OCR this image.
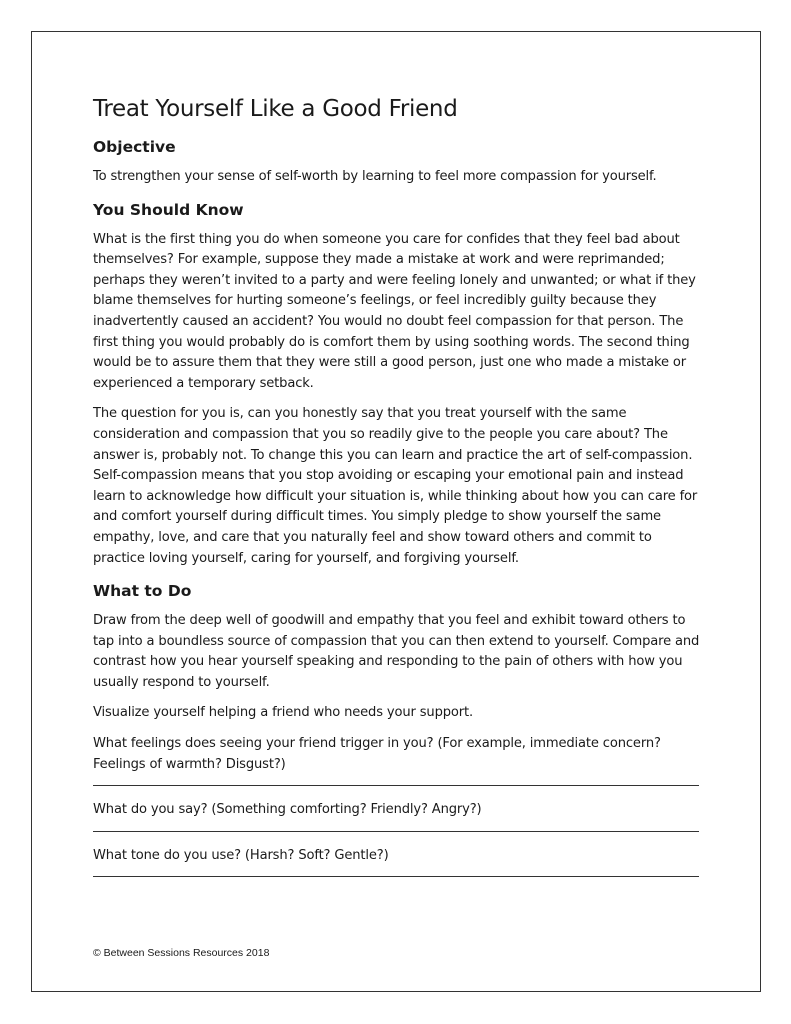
Treat Yourself Like a Good Friend
Objective

To strengthen your sense of self-worth by learning to feel more compassion for yourself.

You Should Know

What is the first thing you do when someone you care for confides that they feel bad about themselves? For example, suppose they made a mistake at work and were reprimanded; perhaps they weren’t invited to a party and were feeling lonely and unwanted; or what if they blame themselves for hurting someone’s feelings, or feel incredibly guilty because they inadvertently caused an accident? You would no doubt feel compassion for that person. The first thing you would probably do is comfort them by using soothing words. The second thing would be to assure them that they were still a good person, just one who made a mistake or experienced a temporary setback.

The question for you is, can you honestly say that you treat yourself with the same consideration and compassion that you so readily give to the people you care about? The answer is, probably not. To change this you can learn and practice the art of self-compassion. Self-compassion means that you stop avoiding or escaping your emotional pain and instead learn to acknowledge how difficult your situation is, while thinking about how you can care for and comfort yourself during difficult times. You simply pledge to show yourself the same empathy, love, and care that you naturally feel and show toward others and commit to practice loving yourself, caring for yourself, and forgiving yourself.

What to Do

Draw from the deep well of goodwill and empathy that you feel and exhibit toward others to tap into a boundless source of compassion that you can then extend to yourself. Compare and contrast how you hear yourself speaking and responding to the pain of others with how you usually respond to yourself.

Visualize yourself helping a friend who needs your support.

What feelings does seeing your friend trigger in you? (For example, immediate concern? Feelings of warmth? Disgust?)

What do you say? (Something comforting? Friendly? Angry?)

What tone do you use? (Harsh? Soft? Gentle?)

© Between Sessions Resources 2018
